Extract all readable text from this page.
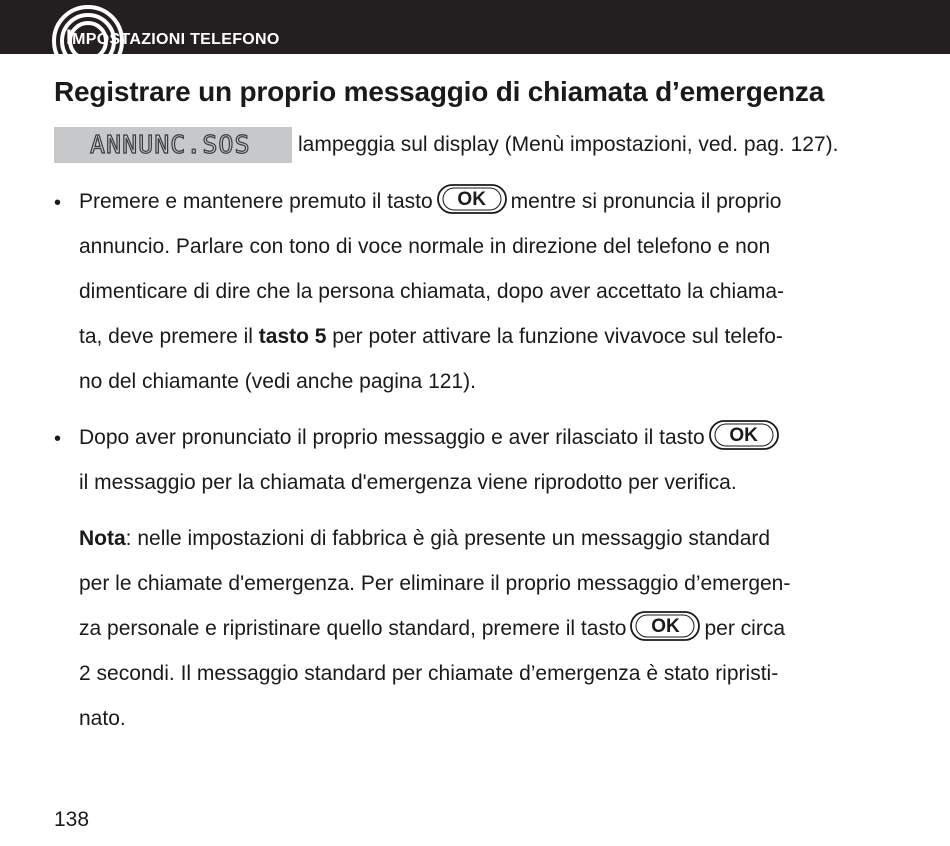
IMPOSTAZIONI TELEFONO
Registrare un proprio messaggio di chiamata d’emergenza
ANNUNC.SOS lampeggia sul display (Menù impostazioni, ved. pag. 127).
• Premere e mantenere premuto il tasto	OK	mentre si pronuncia il proprio
annuncio. Parlare con tono di voce normale in direzione del telefono e non
dimenticare di dire che la persona chiamata, dopo aver accettato la chiama-
ta, deve premere il tasto 5 per poter attivare la funzione vivavoce sul telefo-
no del chiamante (vedi anche pagina 121).
• Dopo aver pronunciato il proprio messaggio e aver rilasciato il tasto	OK
il messaggio per la chiamata d'emergenza viene riprodotto per verifica.
Nota: nelle impostazioni di fabbrica è già presente un messaggio standard
per le chiamate d'emergenza. Per eliminare il proprio messaggio d’emergen-
za personale e ripristinare quello standard, premere il tasto	OK	per circa
2 secondi. Il messaggio standard per chiamate d’emergenza è stato ripristi-
nato.
138
